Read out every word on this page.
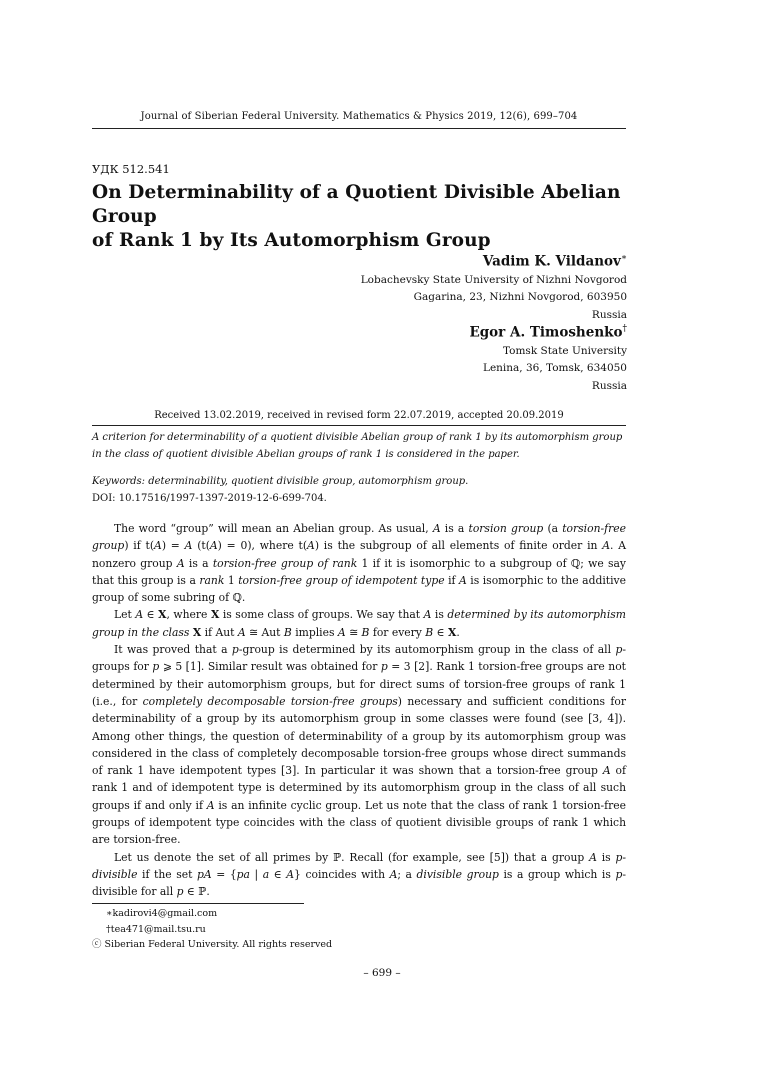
Journal of Siberian Federal University. Mathematics & Physics 2019, 12(6), 699–704
УДК 512.541
On Determinability of a Quotient Divisible Abelian Group
of Rank 1 by Its Automorphism Group
Vadim K. Vildanov∗
Lobachevsky State University of Nizhni Novgorod
Gagarina, 23, Nizhni Novgorod, 603950
Russia
Egor A. Timoshenko†
Tomsk State University
Lenina, 36, Tomsk, 634050
Russia
Received 13.02.2019, received in revised form 22.07.2019, accepted 20.09.2019
A criterion for determinability of a quotient divisible Abelian group of rank 1 by its automorphism group in the class of quotient divisible Abelian groups of rank 1 is considered in the paper.
Keywords: determinability, quotient divisible group, automorphism group.
DOI: 10.17516/1997-1397-2019-12-6-699-704.

The word “group” will mean an Abelian group. As usual, A is a torsion group (a torsion-free group) if t(A) = A (t(A) = 0), where t(A) is the subgroup of all elements of finite order in A. A nonzero group A is a torsion-free group of rank 1 if it is isomorphic to a subgroup of ℚ; we say that this group is a rank 1 torsion-free group of idempotent type if A is isomorphic to the additive group of some subring of ℚ.

Let A ∈ X, where X is some class of groups. We say that A is determined by its automorphism group in the class X if Aut A ≅ Aut B implies A ≅ B for every B ∈ X.

It was proved that a p-group is determined by its automorphism group in the class of all p-groups for p ⩾ 5 [1]. Similar result was obtained for p = 3 [2]. Rank 1 torsion-free groups are not determined by their automorphism groups, but for direct sums of torsion-free groups of rank 1 (i.e., for completely decomposable torsion-free groups) necessary and sufficient conditions for determinability of a group by its automorphism group in some classes were found (see [3, 4]). Among other things, the question of determinability of a group by its automorphism group was considered in the class of completely decomposable torsion-free groups whose direct summands of rank 1 have idempotent types [3]. In particular it was shown that a torsion-free group A of rank 1 and of idempotent type is determined by its automorphism group in the class of all such groups if and only if A is an infinite cyclic group. Let us note that the class of rank 1 torsion-free groups of idempotent type coincides with the class of quotient divisible groups of rank 1 which are torsion-free.

Let us denote the set of all primes by ℙ. Recall (for example, see [5]) that a group A is p-divisible if the set pA = {pa | a ∈ A} coincides with A; a divisible group is a group which is p-divisible for all p ∈ ℙ.

∗kadirovi4@gmail.com
†tea471@mail.tsu.ru
ⓒ Siberian Federal University. All rights reserved
– 699 –
